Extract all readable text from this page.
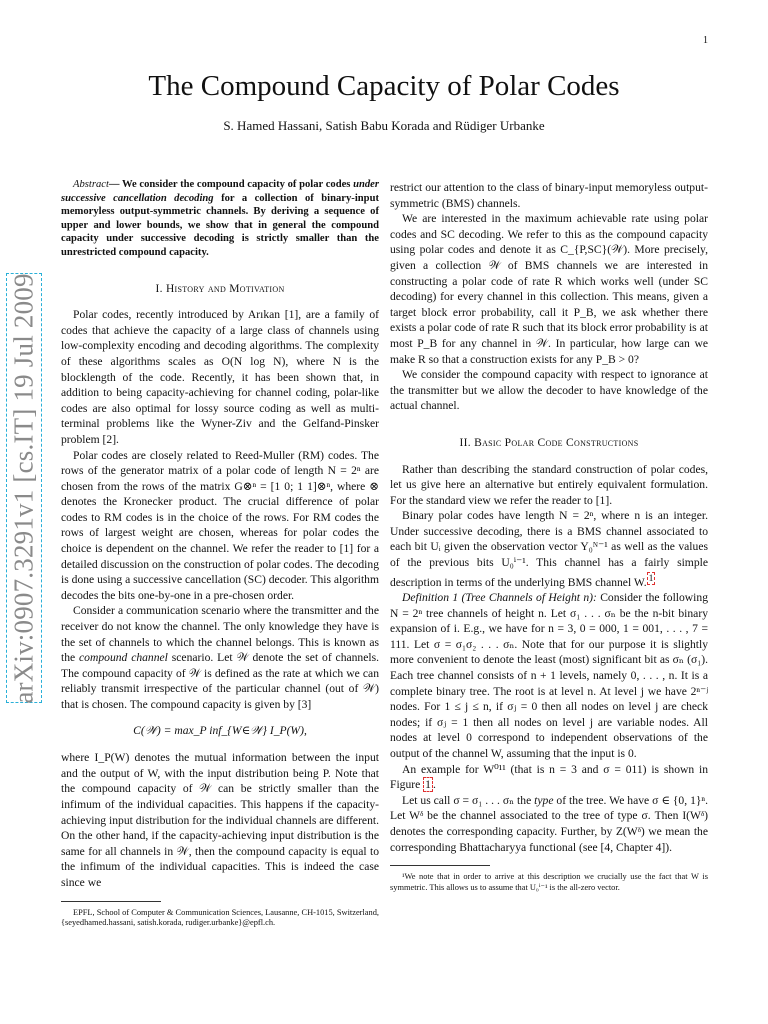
1
arXiv:0907.3291v1 [cs.IT] 19 Jul 2009
The Compound Capacity of Polar Codes
S. Hamed Hassani, Satish Babu Korada and Rüdiger Urbanke

Abstract— We consider the compound capacity of polar codes under successive cancellation decoding for a collection of binary-input memoryless output-symmetric channels. By deriving a sequence of upper and lower bounds, we show that in general the compound capacity under successive decoding is strictly smaller than the unrestricted compound capacity.

I. History and Motivation

Polar codes, recently introduced by Arıkan [1], are a family of codes that achieve the capacity of a large class of channels using low-complexity encoding and decoding algorithms. The complexity of these algorithms scales as O(N log N), where N is the blocklength of the code. Recently, it has been shown that, in addition to being capacity-achieving for channel coding, polar-like codes are also optimal for lossy source coding as well as multi-terminal problems like the Wyner-Ziv and the Gelfand-Pinsker problem [2].

Polar codes are closely related to Reed-Muller (RM) codes. The rows of the generator matrix of a polar code of length N = 2ⁿ are chosen from the rows of the matrix G⊗ⁿ = [1 0; 1 1]⊗ⁿ, where ⊗ denotes the Kronecker product. The crucial difference of polar codes to RM codes is in the choice of the rows. For RM codes the rows of largest weight are chosen, whereas for polar codes the choice is dependent on the channel. We refer the reader to [1] for a detailed discussion on the construction of polar codes. The decoding is done using a successive cancellation (SC) decoder. This algorithm decodes the bits one-by-one in a pre-chosen order.

Consider a communication scenario where the transmitter and the receiver do not know the channel. The only knowledge they have is the set of channels to which the channel belongs. This is known as the compound channel scenario. Let 𝒲 denote the set of channels. The compound capacity of 𝒲 is defined as the rate at which we can reliably transmit irrespective of the particular channel (out of 𝒲) that is chosen. The compound capacity is given by [3]

C(𝒲) = max_P inf_{W∈𝒲} I_P(W),

where I_P(W) denotes the mutual information between the input and the output of W, with the input distribution being P. Note that the compound capacity of 𝒲 can be strictly smaller than the infimum of the individual capacities. This happens if the capacity-achieving input distribution for the individual channels are different. On the other hand, if the capacity-achieving input distribution is the same for all channels in 𝒲, then the compound capacity is equal to the infimum of the individual capacities. This is indeed the case since we

EPFL, School of Computer & Communication Sciences, Lausanne, CH-1015, Switzerland, {seyedhamed.hassani, satish.korada, rudiger.urbanke}@epfl.ch.

restrict our attention to the class of binary-input memoryless output-symmetric (BMS) channels.

We are interested in the maximum achievable rate using polar codes and SC decoding. We refer to this as the compound capacity using polar codes and denote it as C_{P,SC}(𝒲). More precisely, given a collection 𝒲 of BMS channels we are interested in constructing a polar code of rate R which works well (under SC decoding) for every channel in this collection. This means, given a target block error probability, call it P_B, we ask whether there exists a polar code of rate R such that its block error probability is at most P_B for any channel in 𝒲. In particular, how large can we make R so that a construction exists for any P_B > 0?

We consider the compound capacity with respect to ignorance at the transmitter but we allow the decoder to have knowledge of the actual channel.

II. Basic Polar Code Constructions

Rather than describing the standard construction of polar codes, let us give here an alternative but entirely equivalent formulation. For the standard view we refer the reader to [1].

Binary polar codes have length N = 2ⁿ, where n is an integer. Under successive decoding, there is a BMS channel associated to each bit Uᵢ given the observation vector Y₀ᴺ⁻¹ as well as the values of the previous bits U₀ⁱ⁻¹. This channel has a fairly simple description in terms of the underlying BMS channel W. $^1$

Definition 1 (Tree Channels of Height n): Consider the following N = 2ⁿ tree channels of height n. Let σ₁ . . . σₙ be the n-bit binary expansion of i. E.g., we have for n = 3, 0 = 000, 1 = 001, . . . , 7 = 111. Let σ = σ₁σ₂ . . . σₙ. Note that for our purpose it is slightly more convenient to denote the least (most) significant bit as σₙ (σ₁). Each tree channel consists of n + 1 levels, namely 0, . . . , n. It is a complete binary tree. The root is at level n. At level j we have 2ⁿ⁻ʲ nodes. For 1 ≤ j ≤ n, if σⱼ = 0 then all nodes on level j are check nodes; if σⱼ = 1 then all nodes on level j are variable nodes. All nodes at level 0 correspond to independent observations of the output of the channel W, assuming that the input is 0.

An example for W⁰¹¹ (that is n = 3 and σ = 011) is shown in Figure 1 .

Let us call σ = σ₁ . . . σₙ the type of the tree. We have σ ∈ {0, 1}ⁿ. Let Wᵟ be the channel associated to the tree of type σ. Then I(Wᵟ) denotes the corresponding capacity. Further, by Z(Wᵟ) we mean the corresponding Bhattacharyya functional (see [4, Chapter 4]).

¹We note that in order to arrive at this description we crucially use the fact that W is symmetric. This allows us to assume that U₀ⁱ⁻¹ is the all-zero vector.
